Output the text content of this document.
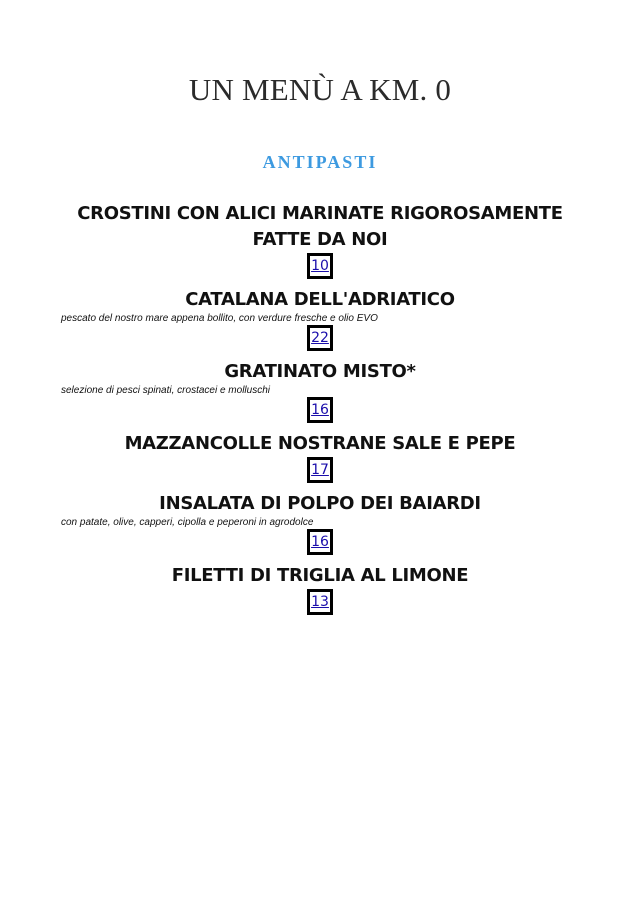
UN MENÙ A KM. 0
ANTIPASTI
CROSTINI CON ALICI MARINATE RIGOROSAMENTE FATTE DA NOI
10
CATALANA DELL'ADRIATICO
pescato del nostro mare appena bollito, con verdure fresche e olio EVO
22
GRATINATO MISTO*
selezione di pesci spinati, crostacei e molluschi
16
MAZZANCOLLE NOSTRANE SALE E PEPE
17
INSALATA DI POLPO DEI BAIARDI
con patate, olive, capperi, cipolla e peperoni in agrodolce
16
FILETTI DI TRIGLIA AL LIMONE
13
